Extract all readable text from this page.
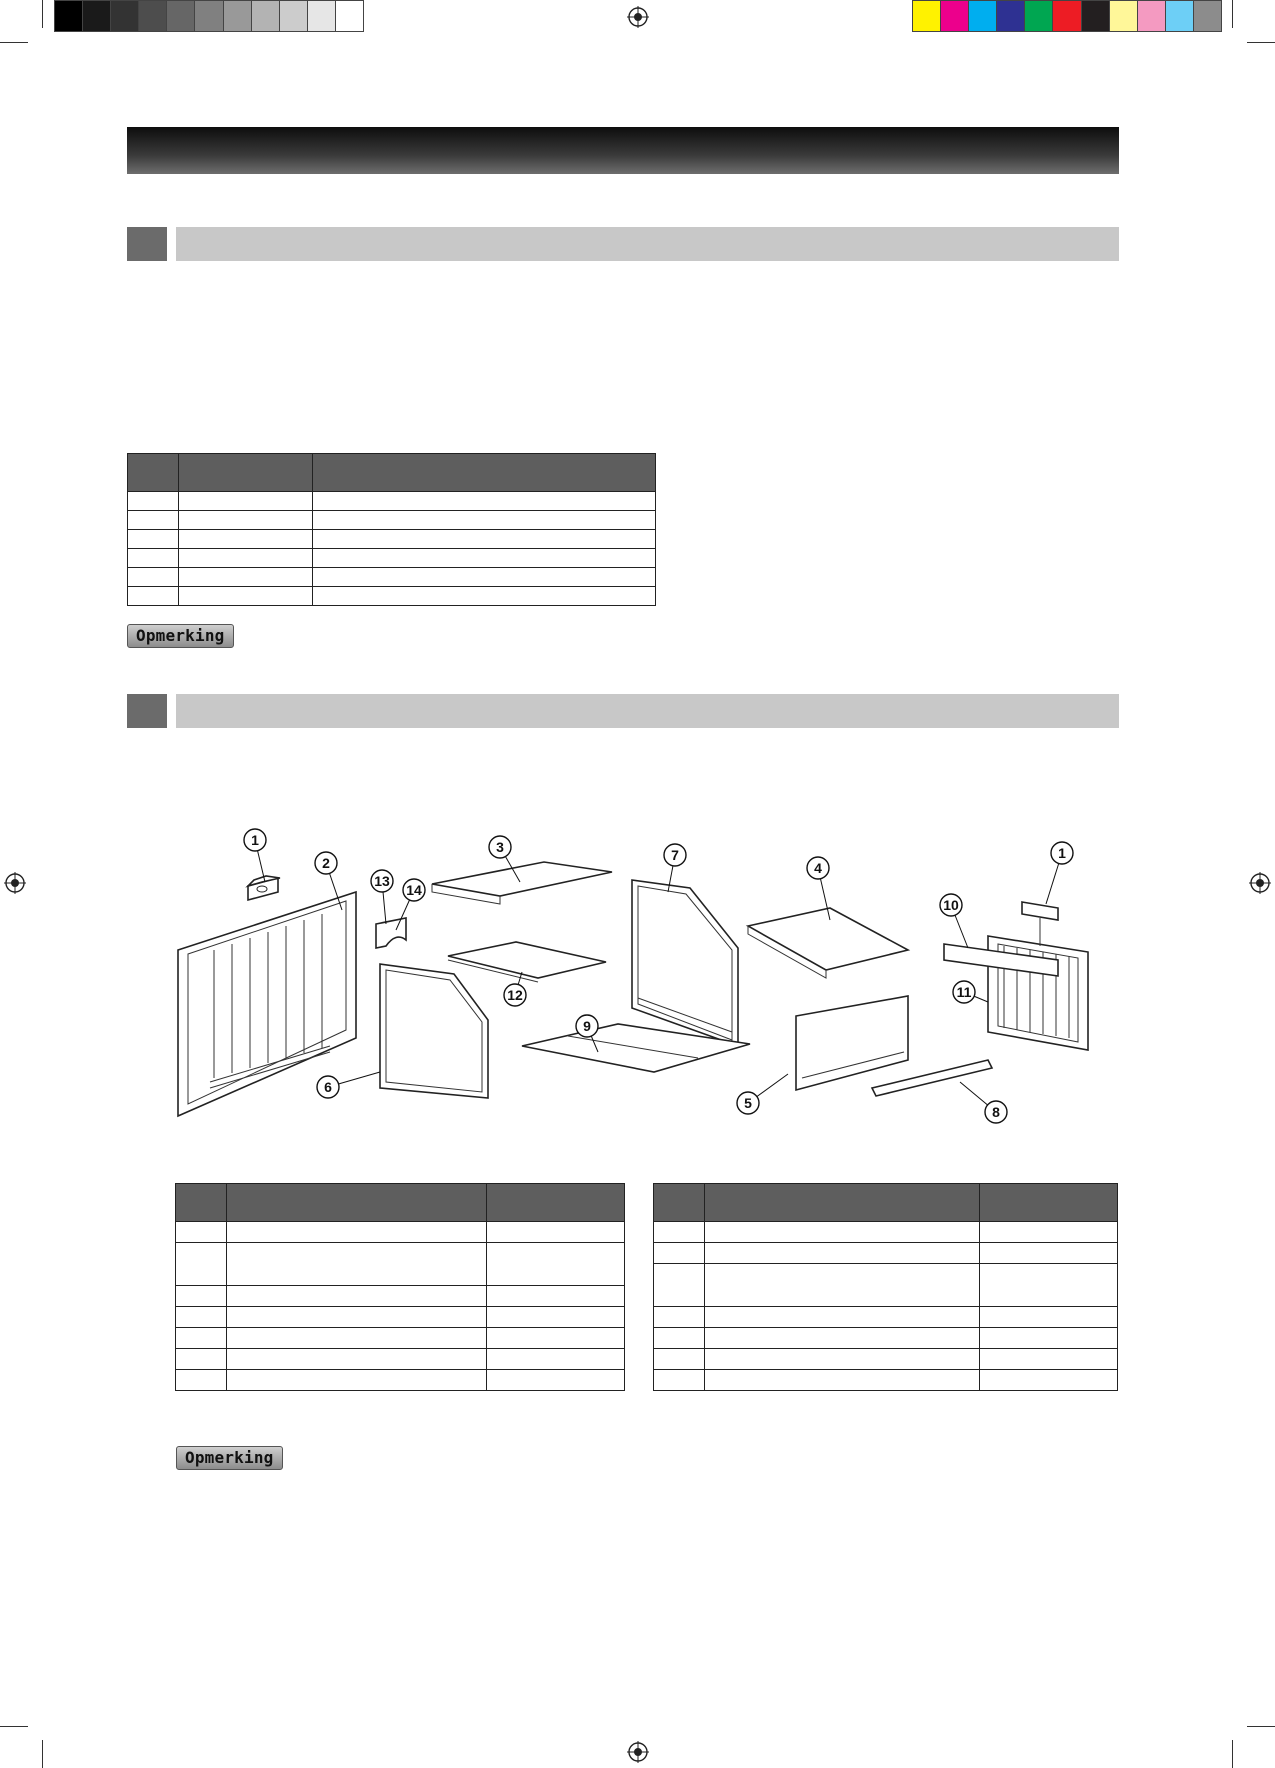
Opmerking
1
2
3	7
4
1
13
14
10
12	11
9
6
5
8

Opmerking
